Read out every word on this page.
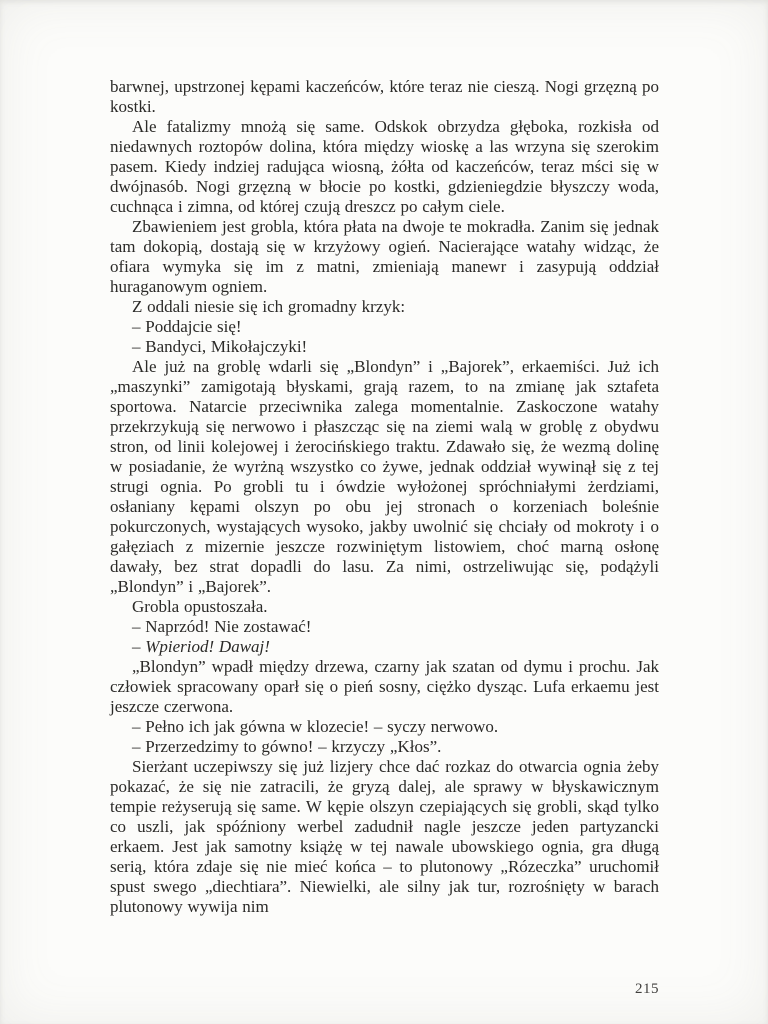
barwnej, upstrzonej kępami kaczeńców, które teraz nie cieszą. Nogi grzęzną po kostki.

Ale fatalizmy mnożą się same. Odskok obrzydza głęboka, rozkisła od niedawnych roztopów dolina, która między wioskę a las wrzyna się szerokim pasem. Kiedy indziej radująca wiosną, żółta od kaczeńców, teraz mści się w dwójnasób. Nogi grzęzną w błocie po kostki, gdzieniegdzie błyszczy woda, cuchnąca i zimna, od której czują dreszcz po całym ciele.

Zbawieniem jest grobla, która płata na dwoje te mokradła. Zanim się jednak tam dokopią, dostają się w krzyżowy ogień. Nacierające watahy widząc, że ofiara wymyka się im z matni, zmieniają manewr i zasypują oddział huraganowym ogniem.

Z oddali niesie się ich gromadny krzyk:

– Poddajcie się!

– Bandyci, Mikołajczyki!

Ale już na groblę wdarli się „Blondyn” i „Bajorek”, erkaemiści. Już ich „maszynki” zamigotają błyskami, grają razem, to na zmianę jak sztafeta sportowa. Natarcie przeciwnika zalega momentalnie. Zaskoczone watahy przekrzykują się nerwowo i płaszcząc się na ziemi walą w groblę z obydwu stron, od linii kolejowej i żerocińskiego traktu. Zdawało się, że wezmą dolinę w posiadanie, że wyrżną wszystko co żywe, jednak oddział wywinął się z tej strugi ognia. Po grobli tu i ówdzie wyłożonej spróchniałymi żerdziami, osłaniany kępami olszyn po obu jej stronach o korzeniach boleśnie pokurczonych, wystających wysoko, jakby uwolnić się chciały od mokroty i o gałęziach z mizernie jeszcze rozwiniętym listowiem, choć marną osłonę dawały, bez strat dopadli do lasu. Za nimi, ostrzeliwując się, podążyli „Blondyn” i „Bajorek”.

Grobla opustoszała.

– Naprzód! Nie zostawać!

– Wpieriod! Dawaj!

„Blondyn” wpadł między drzewa, czarny jak szatan od dymu i prochu. Jak człowiek spracowany oparł się o pień sosny, ciężko dysząc. Lufa erkaemu jest jeszcze czerwona.

– Pełno ich jak gówna w klozecie! – syczy nerwowo.

– Przerzedzimy to gówno! – krzyczy „Kłos”.

Sierżant uczepiwszy się już lizjery chce dać rozkaz do otwarcia ognia żeby pokazać, że się nie zatracili, że gryzą dalej, ale sprawy w błyskawicznym tempie reżyserują się same. W kępie olszyn czepiających się grobli, skąd tylko co uszli, jak spóźniony werbel zadudnił nagle jeszcze jeden partyzancki erkaem. Jest jak samotny książę w tej nawale ubowskiego ognia, gra długą serią, która zdaje się nie mieć końca – to plutonowy „Rózeczka” uruchomił spust swego „diechtiara”. Niewielki, ale silny jak tur, rozrośnięty w barach plutonowy wywija nim

215
